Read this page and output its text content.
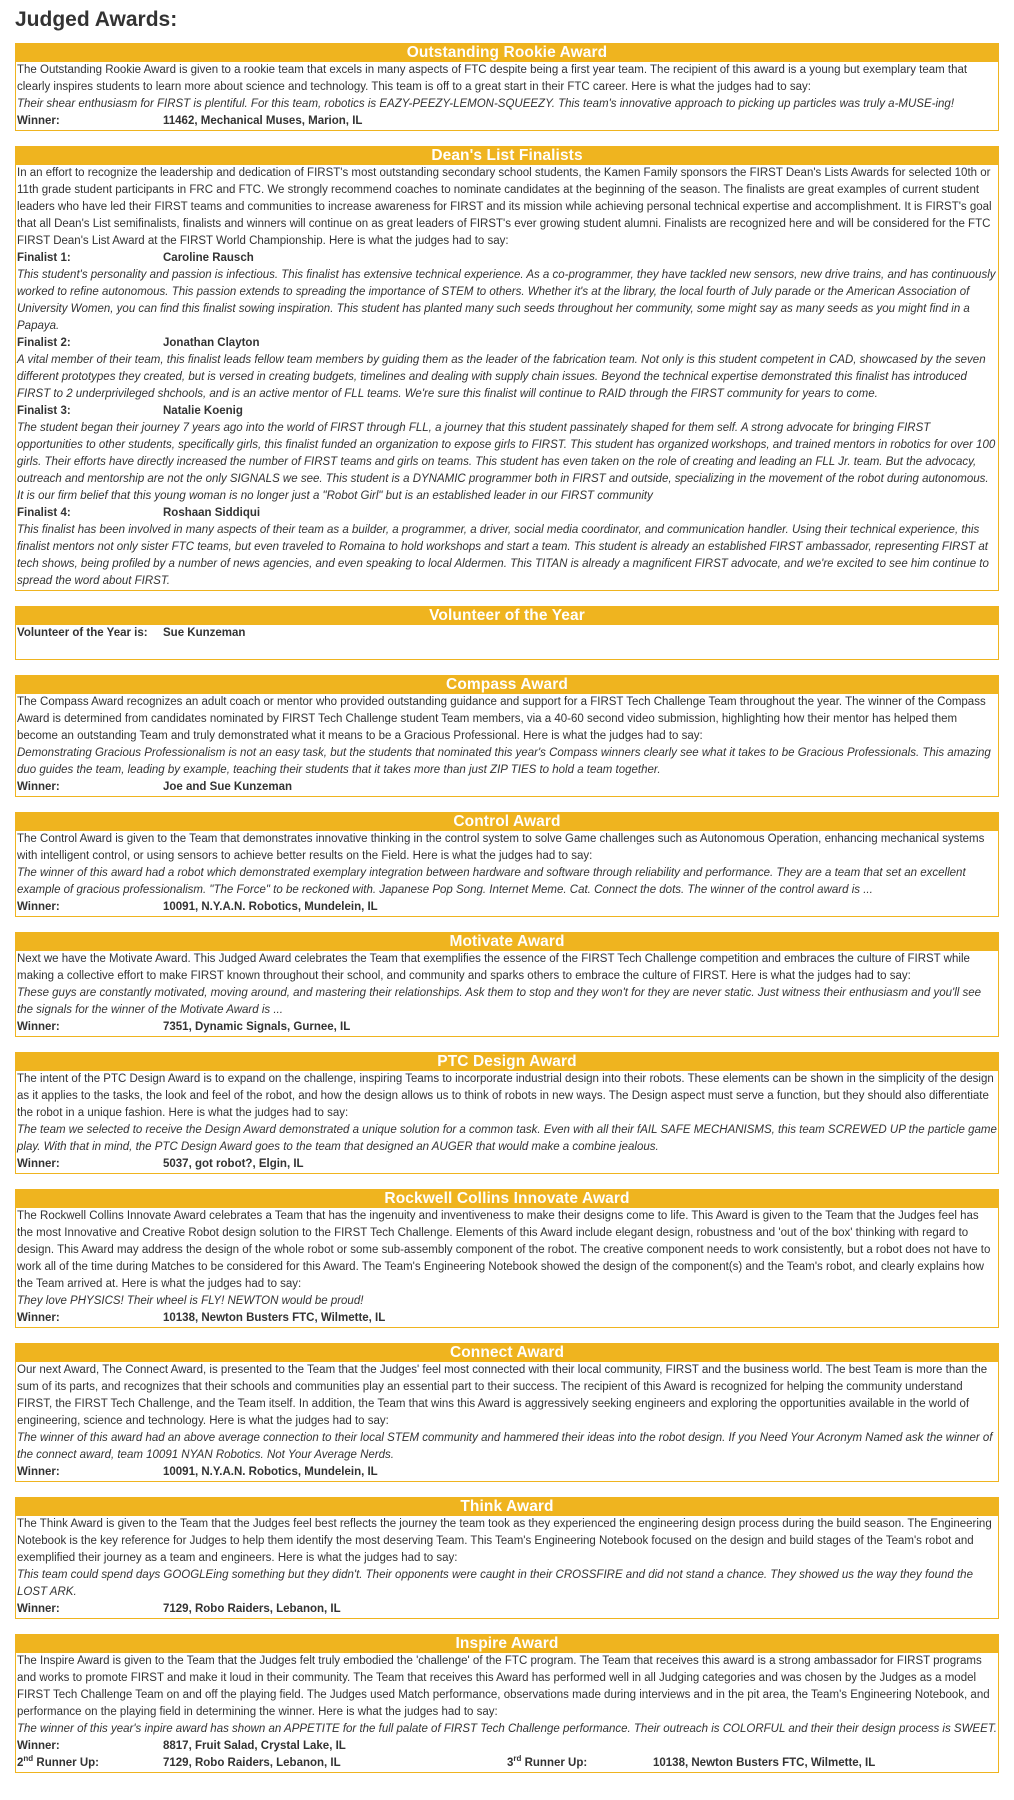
Judged Awards:
Outstanding Rookie Award

The Outstanding Rookie Award is given to a rookie team that excels in many aspects of FTC despite being a first year team. The recipient of this award is a young but exemplary team that clearly inspires students to learn more about science and technology. This team is off to a great start in their FTC career. Here is what the judges had to say:

Their shear enthusiasm for FIRST is plentiful. For this team, robotics is EAZY-PEEZY-LEMON-SQUEEZY. This team's innovative approach to picking up particles was truly a-MUSE-ing!

Winner:	11462, Mechanical Muses, Marion, IL
Dean's List Finalists

In an effort to recognize the leadership and dedication of FIRST's most outstanding secondary school students, the Kamen Family sponsors the FIRST Dean's Lists Awards for selected 10th or 11th grade student participants in FRC and FTC. We strongly recommend coaches to nominate candidates at the beginning of the season. The finalists are great examples of current student leaders who have led their FIRST teams and communities to increase awareness for FIRST and its mission while achieving personal technical expertise and accomplishment. It is FIRST's goal that all Dean's List semifinalists, finalists and winners will continue on as great leaders of FIRST's ever growing student alumni. Finalists are recognized here and will be considered for the FTC FIRST Dean's List Award at the FIRST World Championship. Here is what the judges had to say:

Finalist 1:	Caroline Rausch

This student's personality and passion is infectious. This finalist has extensive technical experience. As a co-programmer, they have tackled new sensors, new drive trains, and has continuously worked to refine autonomous. This passion extends to spreading the importance of STEM to others. Whether it's at the library, the local fourth of July parade or the American Association of University Women, you can find this finalist sowing inspiration. This student has planted many such seeds throughout her community, some might say as many seeds as you might find in a Papaya.

Finalist 2:	Jonathan Clayton

A vital member of their team, this finalist leads fellow team members by guiding them as the leader of the fabrication team. Not only is this student competent in CAD, showcased by the seven different prototypes they created, but is versed in creating budgets, timelines and dealing with supply chain issues. Beyond the technical expertise demonstrated this finalist has introduced FIRST to 2 underprivileged shchools, and is an active mentor of FLL teams. We're sure this finalist will continue to RAID through the FIRST community for years to come.

Finalist 3:	Natalie Koenig

The student began their journey 7 years ago into the world of FIRST through FLL, a journey that this student passinately shaped for them self. A strong advocate for bringing FIRST opportunities to other students, specifically girls, this finalist funded an organization to expose girls to FIRST. This student has organized workshops, and trained mentors in robotics for over 100 girls. Their efforts have directly increased the number of FIRST teams and girls on teams. This student has even taken on the role of creating and leading an FLL Jr. team. But the advocacy, outreach and mentorship are not the only SIGNALS we see. This student is a DYNAMIC programmer both in FIRST and outside, specializing in the movement of the robot during autonomous. It is our firm belief that this young woman is no longer just a "Robot Girl" but is an established leader in our FIRST community

Finalist 4:	Roshaan Siddiqui

This finalist has been involved in many aspects of their team as a builder, a programmer, a driver, social media coordinator, and communication handler. Using their technical experience, this finalist mentors not only sister FTC teams, but even traveled to Romaina to hold workshops and start a team. This student is already an established FIRST ambassador, representing FIRST at tech shows, being profiled by a number of news agencies, and even speaking to local Aldermen. This TITAN is already a magnificent FIRST advocate, and we're excited to see him continue to spread the word about FIRST.

Volunteer of the Year
Volunteer of the Year is:	Sue Kunzeman
Compass Award

The Compass Award recognizes an adult coach or mentor who provided outstanding guidance and support for a FIRST Tech Challenge Team throughout the year. The winner of the Compass Award is determined from candidates nominated by FIRST Tech Challenge student Team members, via a 40-60 second video submission, highlighting how their mentor has helped them become an outstanding Team and truly demonstrated what it means to be a Gracious Professional. Here is what the judges had to say:

Demonstrating Gracious Professionalism is not an easy task, but the students that nominated this year's Compass winners clearly see what it takes to be Gracious Professionals. This amazing duo guides the team, leading by example, teaching their students that it takes more than just ZIP TIES to hold a team together.

Winner:	Joe and Sue Kunzeman
Control Award

The Control Award is given to the Team that demonstrates innovative thinking in the control system to solve Game challenges such as Autonomous Operation, enhancing mechanical systems with intelligent control, or using sensors to achieve better results on the Field. Here is what the judges had to say:

The winner of this award had a robot which demonstrated exemplary integration between hardware and software through reliability and performance. They are a team that set an excellent example of gracious professionalism. "The Force" to be reckoned with. Japanese Pop Song. Internet Meme. Cat. Connect the dots. The winner of the control award is ...

Winner:	10091, N.Y.A.N. Robotics, Mundelein, IL
Motivate Award

Next we have the Motivate Award. This Judged Award celebrates the Team that exemplifies the essence of the FIRST Tech Challenge competition and embraces the culture of FIRST while making a collective effort to make FIRST known throughout their school, and community and sparks others to embrace the culture of FIRST. Here is what the judges had to say:

These guys are constantly motivated, moving around, and mastering their relationships. Ask them to stop and they won't for they are never static. Just witness their enthusiasm and you'll see the signals for the winner of the Motivate Award is ...

Winner:	7351, Dynamic Signals, Gurnee, IL
PTC Design Award

The intent of the PTC Design Award is to expand on the challenge, inspiring Teams to incorporate industrial design into their robots. These elements can be shown in the simplicity of the design as it applies to the tasks, the look and feel of the robot, and how the design allows us to think of robots in new ways. The Design aspect must serve a function, but they should also differentiate the robot in a unique fashion. Here is what the judges had to say:

The team we selected to receive the Design Award demonstrated a unique solution for a common task. Even with all their fAIL SAFE MECHANISMS, this team SCREWED UP the particle game play. With that in mind, the PTC Design Award goes to the team that designed an AUGER that would make a combine jealous.

Winner:	5037, got robot?, Elgin, IL
Rockwell Collins Innovate Award

The Rockwell Collins Innovate Award celebrates a Team that has the ingenuity and inventiveness to make their designs come to life. This Award is given to the Team that the Judges feel has the most Innovative and Creative Robot design solution to the FIRST Tech Challenge. Elements of this Award include elegant design, robustness and 'out of the box' thinking with regard to design. This Award may address the design of the whole robot or some sub-assembly component of the robot. The creative component needs to work consistently, but a robot does not have to work all of the time during Matches to be considered for this Award. The Team's Engineering Notebook showed the design of the component(s) and the Team's robot, and clearly explains how the Team arrived at. Here is what the judges had to say:

They love PHYSICS! Their wheel is FLY! NEWTON would be proud!

Winner:	10138, Newton Busters FTC, Wilmette, IL
Connect Award

Our next Award, The Connect Award, is presented to the Team that the Judges' feel most connected with their local community, FIRST and the business world. The best Team is more than the sum of its parts, and recognizes that their schools and communities play an essential part to their success. The recipient of this Award is recognized for helping the community understand FIRST, the FIRST Tech Challenge, and the Team itself. In addition, the Team that wins this Award is aggressively seeking engineers and exploring the opportunities available in the world of engineering, science and technology. Here is what the judges had to say:

The winner of this award had an above average connection to their local STEM community and hammered their ideas into the robot design. If you Need Your Acronym Named ask the winner of the connect award, team 10091 NYAN Robotics. Not Your Average Nerds.

Winner:	10091, N.Y.A.N. Robotics, Mundelein, IL
Think Award

The Think Award is given to the Team that the Judges feel best reflects the journey the team took as they experienced the engineering design process during the build season. The Engineering Notebook is the key reference for Judges to help them identify the most deserving Team. This Team's Engineering Notebook focused on the design and build stages of the Team's robot and exemplified their journey as a team and engineers. Here is what the judges had to say:

This team could spend days GOOGLEing something but they didn't. Their opponents were caught in their CROSSFIRE and did not stand a chance. They showed us the way they found the LOST ARK.

Winner:	7129, Robo Raiders, Lebanon, IL
Inspire Award

The Inspire Award is given to the Team that the Judges felt truly embodied the 'challenge' of the FTC program. The Team that receives this award is a strong ambassador for FIRST programs and works to promote FIRST and make it loud in their community. The Team that receives this Award has performed well in all Judging categories and was chosen by the Judges as a model FIRST Tech Challenge Team on and off the playing field. The Judges used Match performance, observations made during interviews and in the pit area, the Team's Engineering Notebook, and performance on the playing field in determining the winner. Here is what the judges had to say:

The winner of this year's inpire award has shown an APPETITE for the full palate of FIRST Tech Challenge performance. Their outreach is COLORFUL and their their design process is SWEET.

Winner:	8817, Fruit Salad, Crystal Lake, IL
2nd Runner Up:	7129, Robo Raiders, Lebanon, IL	3rd Runner Up:	10138, Newton Busters FTC, Wilmette, IL
